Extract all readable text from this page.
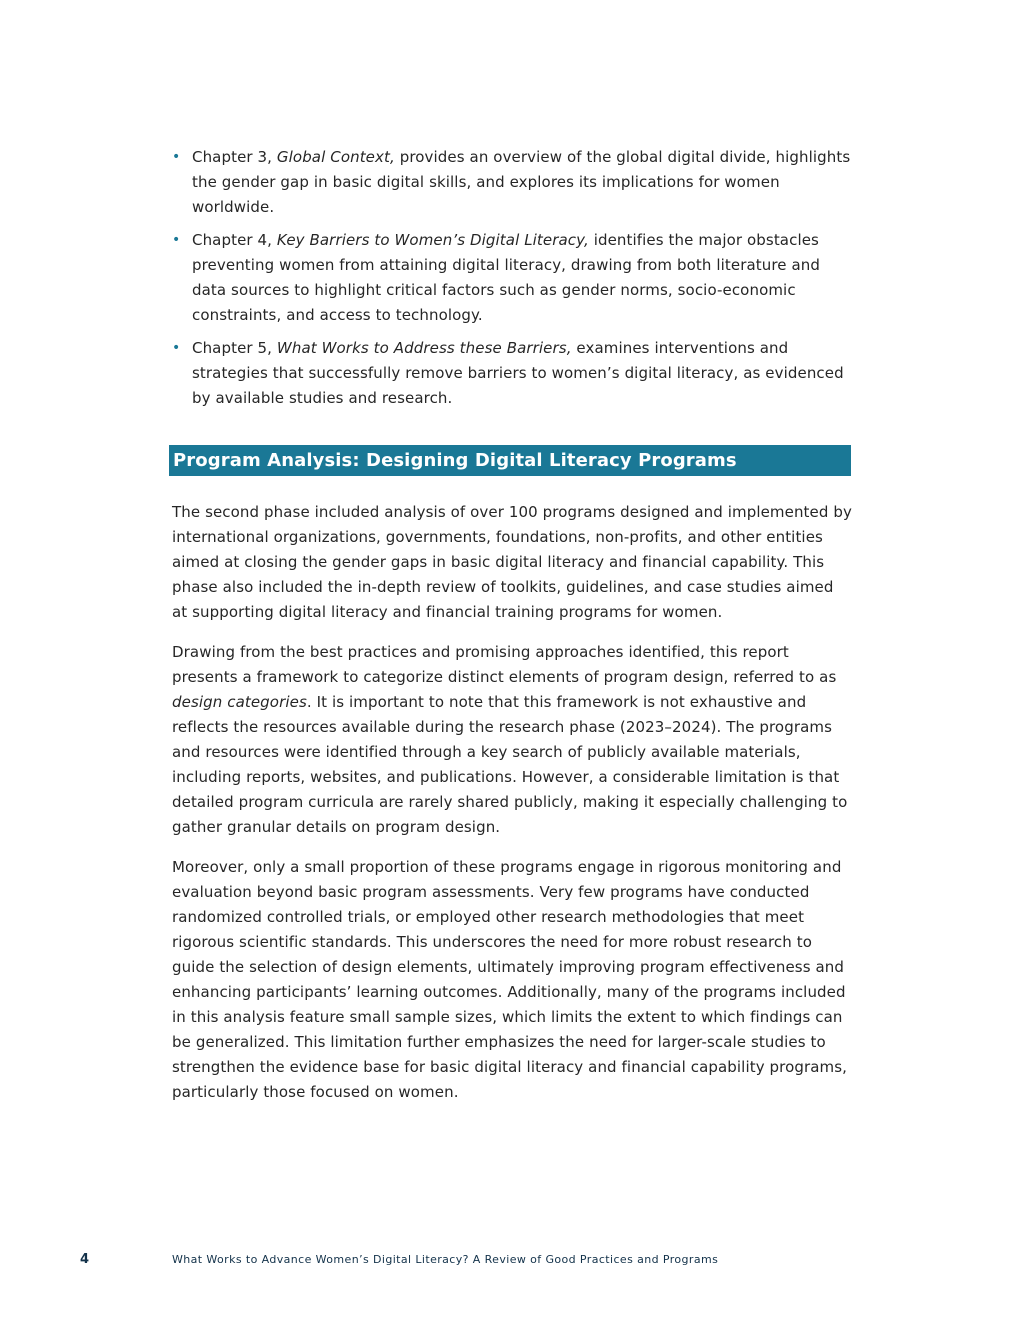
• Chapter 3, Global Context, provides an overview of the global digital divide, highlights the gender gap in basic digital skills, and explores its implications for women worldwide.
• Chapter 4, Key Barriers to Women’s Digital Literacy, identifies the major obstacles preventing women from attaining digital literacy, drawing from both literature and data sources to highlight critical factors such as gender norms, socio-economic constraints, and access to technology.
• Chapter 5, What Works to Address these Barriers, examines interventions and strategies that successfully remove barriers to women’s digital literacy, as evidenced by available studies and research.
Program Analysis: Designing Digital Literacy Programs

The second phase included analysis of over 100 programs designed and implemented by international organizations, governments, foundations, non-profits, and other entities aimed at closing the gender gaps in basic digital literacy and financial capability. This phase also included the in-depth review of toolkits, guidelines, and case studies aimed at supporting digital literacy and financial training programs for women.

Drawing from the best practices and promising approaches identified, this report presents a framework to categorize distinct elements of program design, referred to as design categories. It is important to note that this framework is not exhaustive and reflects the resources available during the research phase (2023–2024). The programs and resources were identified through a key search of publicly available materials, including reports, websites, and publications. However, a considerable limitation is that detailed program curricula are rarely shared publicly, making it especially challenging to gather granular details on program design.

Moreover, only a small proportion of these programs engage in rigorous monitoring and evaluation beyond basic program assessments. Very few programs have conducted randomized controlled trials, or employed other research methodologies that meet rigorous scientific standards. This underscores the need for more robust research to guide the selection of design elements, ultimately improving program effectiveness and enhancing participants’ learning outcomes. Additionally, many of the programs included in this analysis feature small sample sizes, which limits the extent to which findings can be generalized. This limitation further emphasizes the need for larger-scale studies to strengthen the evidence base for basic digital literacy and financial capability programs, particularly those focused on women.

4	What Works to Advance Women’s Digital Literacy? A Review of Good Practices and Programs
